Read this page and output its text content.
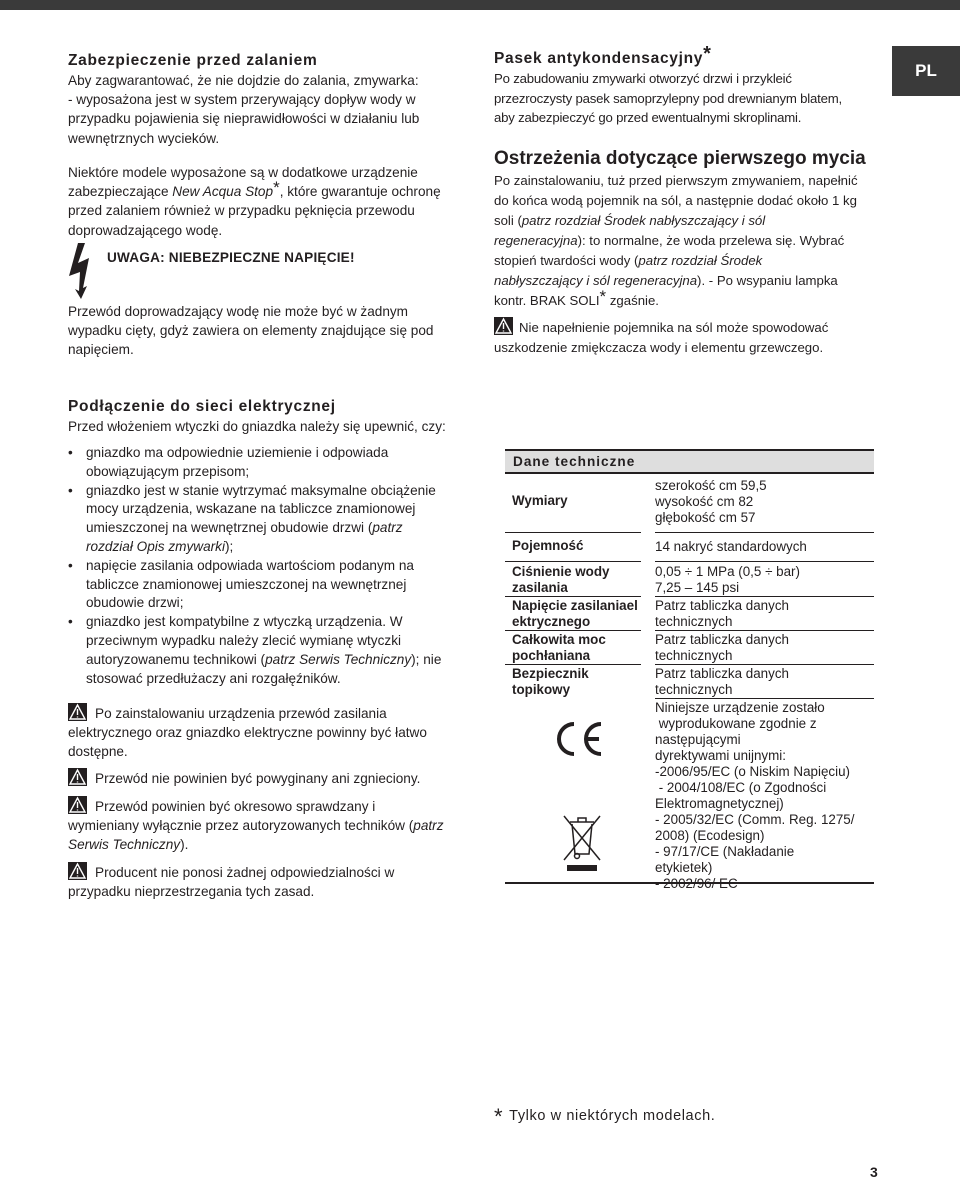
PL
Zabezpieczenie przed zalaniem
Aby zagwarantować, że nie dojdzie do zalania, zmywarka:
- wyposażona jest w system przerywający dopływ wody w
przypadku pojawienia się nieprawidłowości w działaniu lub
wewnętrznych wycieków.
Niektóre modele wyposażone są w dodatkowe urządzenie
zabezpieczające New Acqua Stop*, które gwarantuje ochronę
przed zalaniem również w przypadku pęknięcia przewodu
doprowadzającego wodę.
UWAGA: NIEBEZPIECZNE NAPIĘCIE!
Przewód doprowadzający wodę nie może być w żadnym
wypadku cięty, gdyż zawiera on elementy znajdujące się pod
napięciem.
Pasek antykondensacyjny*
Po zabudowaniu zmywarki otworzyć drzwi i przykleić
przezroczysty pasek samoprzylepny pod drewnianym blatem,
aby zabezpieczyć go przed ewentualnymi skroplinami.
Ostrzeżenia dotyczące pierwszego mycia
Po zainstalowaniu, tuż przed pierwszym zmywaniem, napełnić
do końca wodą pojemnik na sól, a następnie dodać około 1 kg
soli (patrz rozdział Środek nabłyszczający i sól
regeneracyjna): to normalne, że woda przelewa się. Wybrać
stopień twardości wody (patrz rozdział Środek
nabłyszczający i sól regeneracyjna). - Po wsypaniu lampka
kontr. BRAK SOLI* zgaśnie.
Nie napełnienie pojemnika na sól może spowodować
uszkodzenie zmiękczacza wody i elementu grzewczego.
Podłączenie do sieci elektrycznej
Przed włożeniem wtyczki do gniazdka należy się upewnić, czy:
• gniazdko ma odpowiednie uziemienie i odpowiada
obowiązującym przepisom;
• gniazdko jest w stanie wytrzymać maksymalne obciążenie
mocy urządzenia, wskazane na tabliczce znamionowej
umieszczonej na wewnętrznej obudowie drzwi (patrz
rozdział Opis zmywarki);
• napięcie zasilania odpowiada wartościom podanym na
tabliczce znamionowej umieszczonej na wewnętrznej
obudowie drzwi;
• gniazdko jest kompatybilne z wtyczką urządzenia. W
przeciwnym wypadku należy zlecić wymianę wtyczki
autoryzowanemu technikowi (patrz Serwis Techniczny); nie
stosować przedłużaczy ani rozgałęźników.
Po zainstalowaniu urządzenia przewód zasilania
elektrycznego oraz gniazdko elektryczne powinny być łatwo
dostępne.
Przewód nie powinien być powyginany ani zgnieciony.
Przewód powinien być okresowo sprawdzany i
wymieniany wyłącznie przez autoryzowanych techników (patrz
Serwis Techniczny).
Producent nie ponosi żadnej odpowiedzialności w
przypadku nieprzestrzegania tych zasad.
Dane techniczne
Wymiary
szerokość cm 59,5
wysokość cm 82
głębokość cm 57
Pojemność	14 nakryć standardowych
Ciśnienie wody
zasilania
0,05 ÷ 1 MPa (0,5 ÷ bar)
7,25 – 145 psi
Napięcie zasilaniael
ektrycznego
Patrz tabliczka danych
technicznych
Całkowita moc
pochłaniana
Patrz tabliczka danych
technicznych
Bezpiecznik
topikowy
Patrz tabliczka danych
technicznych
Niniejsze urządzenie zostało
wyprodukowane zgodnie z
następującymi
dyrektywami unijnymi:
-2006/95/EC (o Niskim Napięciu)
- 2004/108/EC (o Zgodności
Elektromagnetycznej)
- 2005/32/EC (Comm. Reg. 1275/
2008) (Ecodesign)
- 97/17/CE (Nakładanie
etykietek)
* Tylko w niektórych modelach.
3
